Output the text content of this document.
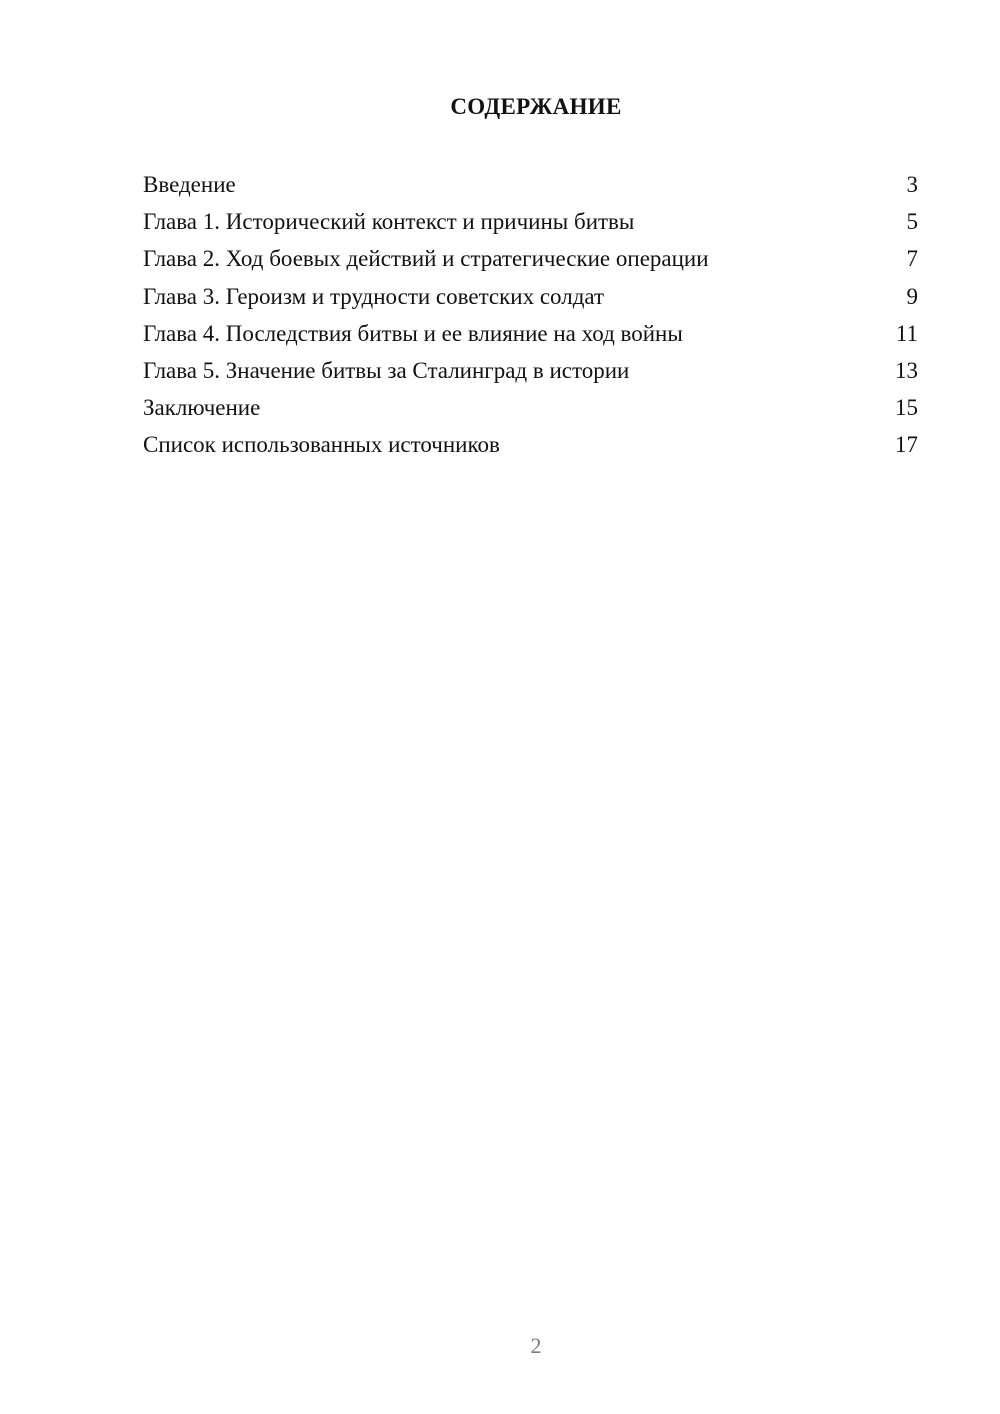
СОДЕРЖАНИЕ
Введение	3
Глава 1. Исторический контекст и причины битвы	5
Глава 2. Ход боевых действий и стратегические операции	7
Глава 3. Героизм и трудности советских солдат	9
Глава 4. Последствия битвы и ее влияние на ход войны	11
Глава 5. Значение битвы за Сталинград в истории	13
Заключение	15
Список использованных источников	17
2
